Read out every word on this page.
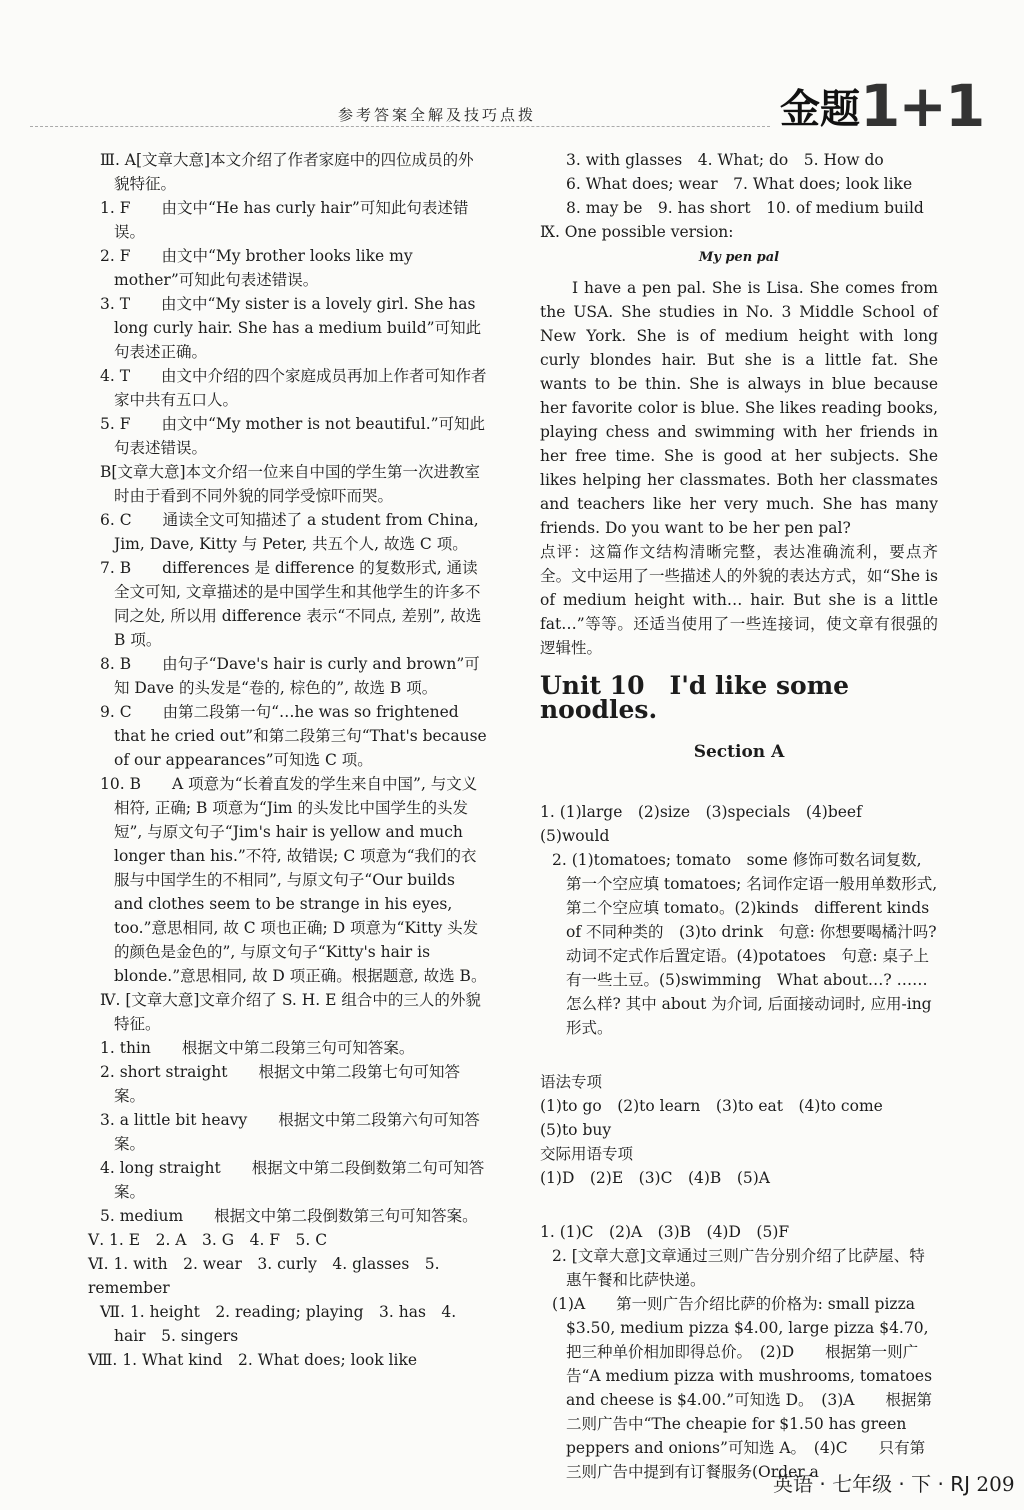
参考答案全解及技巧点拨	金题1+1

Ⅲ. A[文章大意]本文介绍了作者家庭中的四位成员的外貌特征。

1. F　　由文中“He has curly hair”可知此句表述错误。

2. F　　由文中“My brother looks like my mother”可知此句表述错误。

3. T　　由文中“My sister is a lovely girl. She has long curly hair. She has a medium build”可知此句表述正确。

4. T　　由文中介绍的四个家庭成员再加上作者可知作者家中共有五口人。

5. F　　由文中“My mother is not beautiful.”可知此句表述错误。

B[文章大意]本文介绍一位来自中国的学生第一次进教室时由于看到不同外貌的同学受惊吓而哭。

6. C　　通读全文可知描述了 a student from China, Jim, Dave, Kitty 与 Peter, 共五个人, 故选 C 项。

7. B　　differences 是 difference 的复数形式, 通读全文可知, 文章描述的是中国学生和其他学生的许多不同之处, 所以用 difference 表示“不同点, 差别”, 故选 B 项。

8. B　　由句子“Dave's hair is curly and brown”可知 Dave 的头发是“卷的, 棕色的”, 故选 B 项。

9. C　　由第二段第一句“…he was so frightened that he cried out”和第二段第三句“That's because of our appearances”可知选 C 项。

10. B　　A 项意为“长着直发的学生来自中国”, 与文义相符, 正确; B 项意为“Jim 的头发比中国学生的头发短”, 与原文句子“Jim's hair is yellow and much longer than his.”不符, 故错误; C 项意为“我们的衣服与中国学生的不相同”, 与原文句子“Our builds and clothes seem to be strange in his eyes, too.”意思相同, 故 C 项也正确; D 项意为“Kitty 头发的颜色是金色的”, 与原文句子“Kitty's hair is blonde.”意思相同, 故 D 项正确。根据题意, 故选 B。

Ⅳ. [文章大意]文章介绍了 S. H. E 组合中的三人的外貌特征。

1. thin　　根据文中第二段第三句可知答案。

2. short straight　　根据文中第二段第七句可知答案。

3. a little bit heavy　　根据文中第二段第六句可知答案。

4. long straight　　根据文中第二段倒数第二句可知答案。

5. medium　　根据文中第二段倒数第三句可知答案。

Ⅴ. 1. E　2. A　3. G　4. F　5. C

Ⅵ. 1. with　2. wear　3. curly　4. glasses　5. remember

Ⅶ. 1. height　2. reading; playing　3. has　4. hair　5. singers

Ⅷ. 1. What kind　2. What does; look like

3. with glasses　4. What; do　5. How do

6. What does; wear　7. What does; look like

8. may be　9. has short　10. of medium build

Ⅸ. One possible version:

My pen pal

I have a pen pal. She is Lisa. She comes from the USA. She studies in No. 3 Middle School of New York. She is of medium height with long curly blondes hair. But she is a little fat. She wants to be thin. She is always in blue because her favorite color is blue. She likes reading books, playing chess and swimming with her friends in her free time. She is good at her subjects. She likes helping her classmates. Both her classmates and teachers like her very much. She has many friends. Do you want to be her pen pal?

点评：这篇作文结构清晰完整，表达准确流利，要点齐全。文中运用了一些描述人的外貌的表达方式，如“She is of medium height with… hair. But she is a little fat…”等等。还适当使用了一些连接词，使文章有很强的逻辑性。

Unit 10　I'd like some noodles.
Section A

1. (1)large　(2)size　(3)specials　(4)beef　(5)would

2. (1)tomatoes; tomato　some 修饰可数名词复数, 第一个空应填 tomatoes; 名词作定语一般用单数形式, 第二个空应填 tomato。(2)kinds　different kinds of 不同种类的　(3)to drink　句意: 你想要喝橘汁吗? 动词不定式作后置定语。(4)potatoes　句意: 桌子上有一些土豆。(5)swimming　What about…? ……怎么样? 其中 about 为介词, 后面接动词时, 应用-ing 形式。

语法专项

(1)to go　(2)to learn　(3)to eat　(4)to come

(5)to buy

交际用语专项

(1)D　(2)E　(3)C　(4)B　(5)A

1. (1)C　(2)A　(3)B　(4)D　(5)F

2. [文章大意]文章通过三则广告分别介绍了比萨屋、特惠午餐和比萨快递。

(1)A　　第一则广告介绍比萨的价格为: small pizza $3.50, medium pizza $4.00, large pizza $4.70, 把三种单价相加即得总价。　(2)D　　根据第一则广告“A medium pizza with mushrooms, tomatoes and cheese is $4.00.”可知选 D。　(3)A　　根据第二则广告中“The cheapie for $1.50 has green peppers and onions”可知选 A。　(4)C　　只有第三则广告中提到有订餐服务(Order a

英语 · 七年级 · 下 · RJ 209
